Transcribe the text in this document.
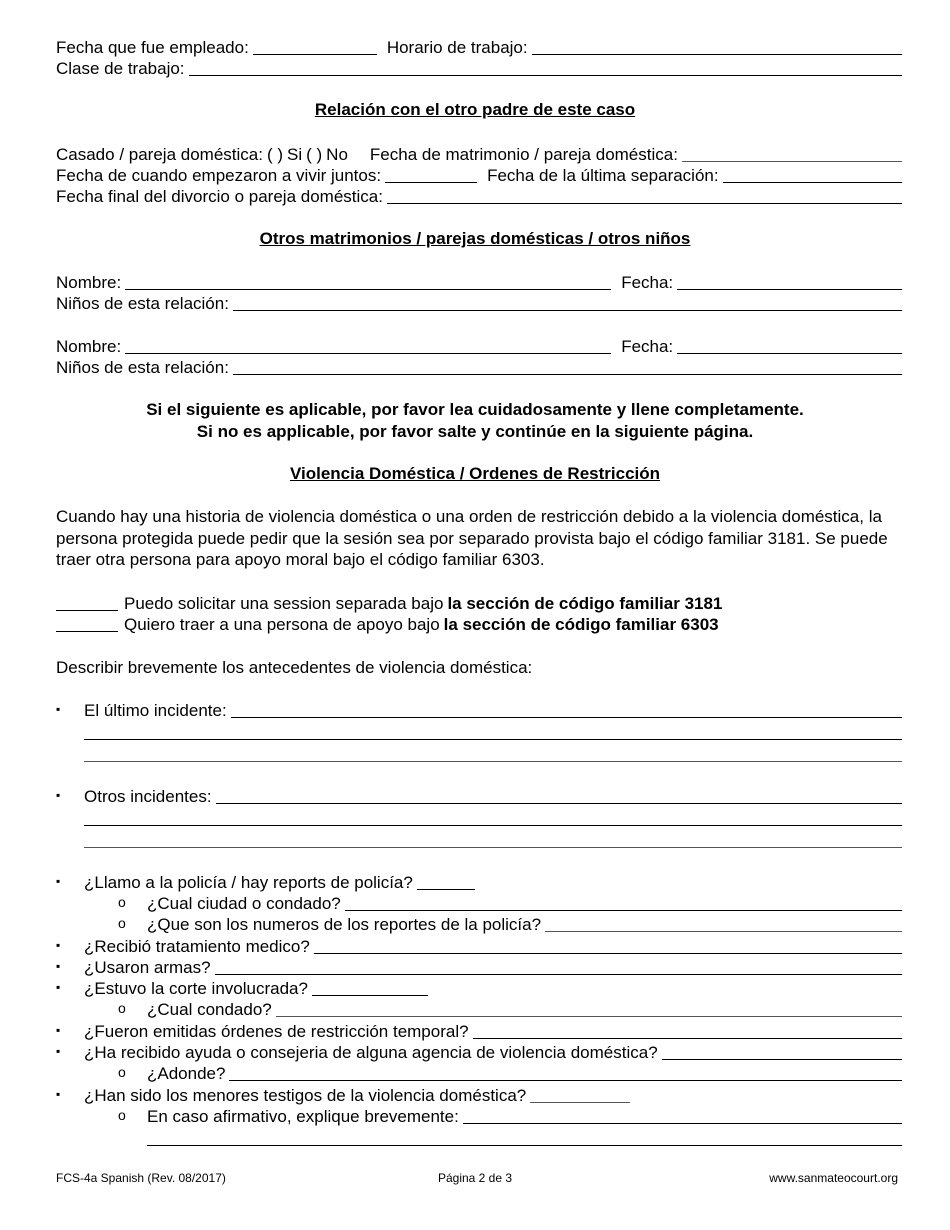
Fecha que fue empleado:	Horario de trabajo:
Clase de trabajo:
Relación con el otro padre de este caso
Casado / pareja doméstica: ( ) Si ( ) No Fecha de matrimonio / pareja doméstica:
Fecha de cuando empezaron a vivir juntos:	Fecha de la última separación:
Fecha final del divorcio o pareja doméstica:
Otros matrimonios / parejas domésticas / otros niños
Nombre:	Fecha:
Niños de esta relación:
Nombre:	Fecha:
Niños de esta relación:
Si el siguiente es aplicable, por favor lea cuidadosamente y llene completamente.
Si no es applicable, por favor salte y continúe en la siguiente página.
Violencia Doméstica / Ordenes de Restricción
Cuando hay una historia de violencia doméstica o una orden de restricción debido a la violencia doméstica, la persona protegida puede pedir que la sesión sea por separado provista bajo el código familiar 3181. Se puede traer otra persona para apoyo moral bajo el código familiar 6303.
Puedo solicitar una session separada bajo la sección de código familiar 3181
Quiero traer a una persona de apoyo bajo la sección de código familiar 6303
Describir brevemente los antecedentes de violencia doméstica:
▪ El último incidente:
▪ Otros incidentes:
▪ ¿Llamo a la policía / hay reports de policía?
o ¿Cual ciudad o condado?
o ¿Que son los numeros de los reportes de la policía?
▪ ¿Recibió tratamiento medico?
▪ ¿Usaron armas?
▪ ¿Estuvo la corte involucrada?
o ¿Cual condado?
▪ ¿Fueron emitidas órdenes de restricción temporal?
▪ ¿Ha recibido ayuda o consejeria de alguna agencia de violencia doméstica?
o ¿Adonde?
▪ ¿Han sido los menores testigos de la violencia doméstica?
o En caso afirmativo, explique brevemente:
FCS-4a Spanish (Rev. 08/2017)	Página 2 de 3	www.sanmateocourt.org
